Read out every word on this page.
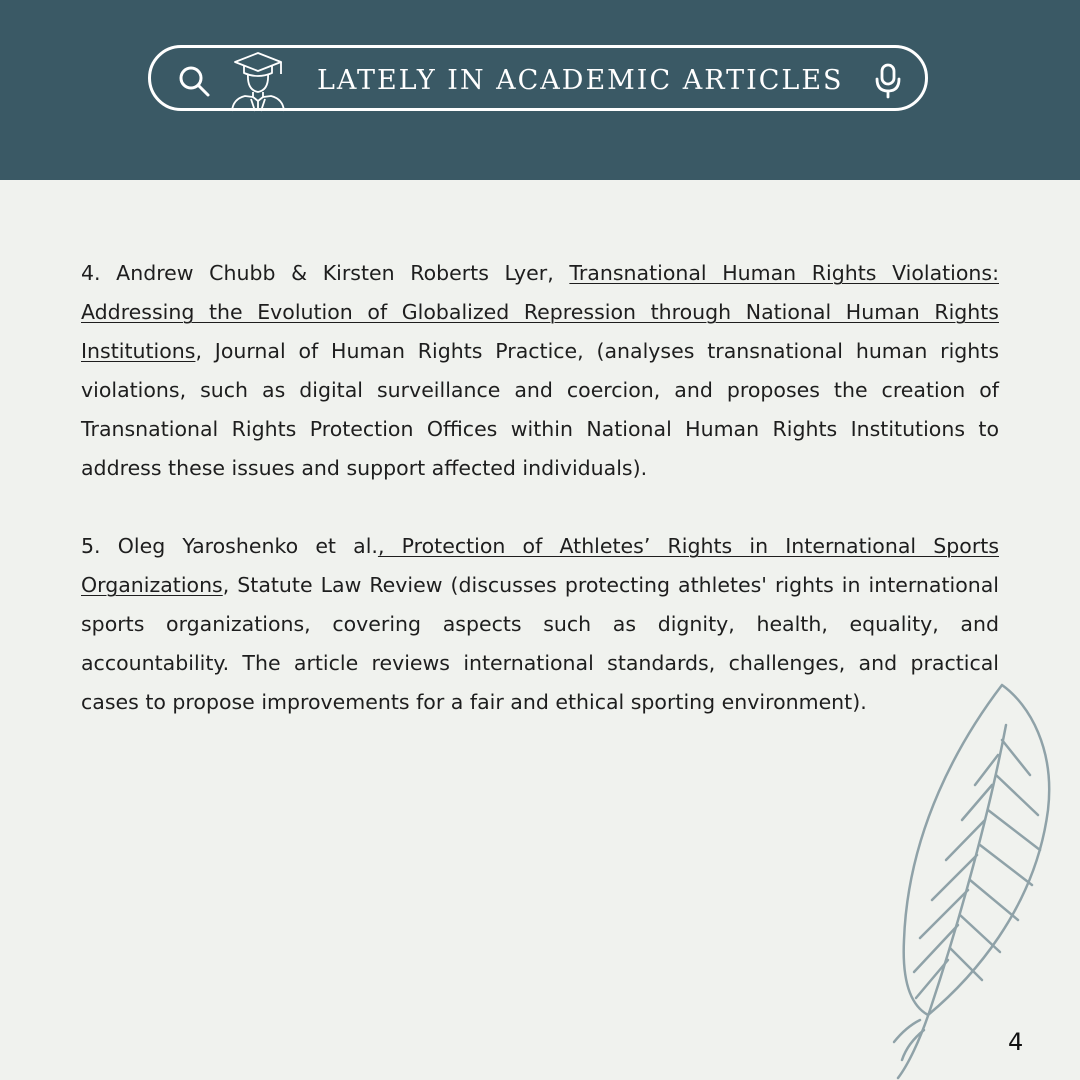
LATELY IN ACADEMIC ARTICLES

4. Andrew Chubb & Kirsten Roberts Lyer, Transnational Human Rights Violations: Addressing the Evolution of Globalized Repression through National Human Rights Institutions, Journal of Human Rights Practice, (analyses transnational human rights violations, such as digital surveillance and coercion, and proposes the creation of Transnational Rights Protection Offices within National Human Rights Institutions to address these issues and support affected individuals).

5. Oleg Yaroshenko et al., Protection of Athletes’ Rights in International Sports Organizations, Statute Law Review (discusses protecting athletes' rights in international sports organizations, covering aspects such as dignity, health, equality, and accountability. The article reviews international standards, challenges, and practical cases to propose improvements for a fair and ethical sporting environment).

4
